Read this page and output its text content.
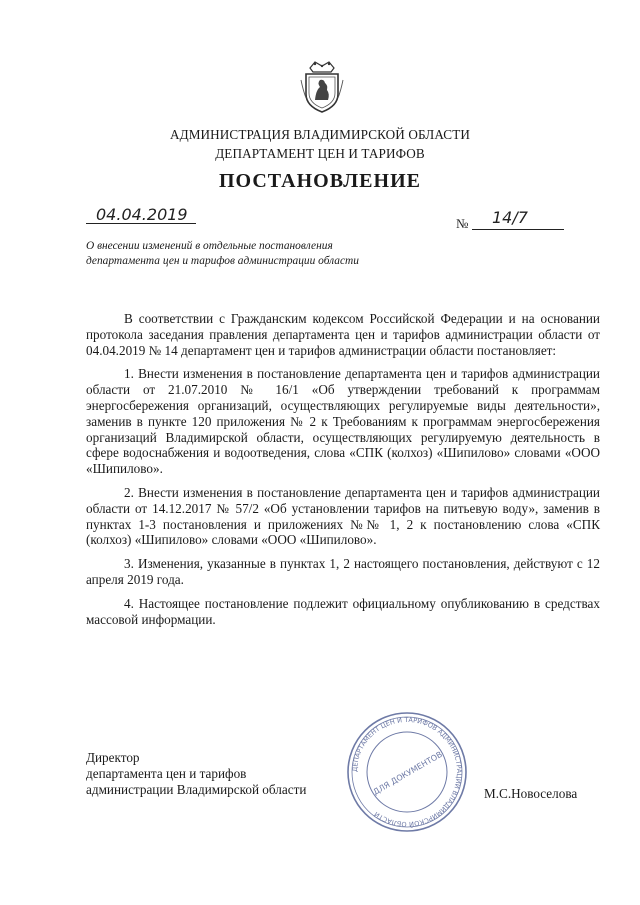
АДМИНИСТРАЦИЯ ВЛАДИМИРСКОЙ ОБЛАСТИ
ДЕПАРТАМЕНТ ЦЕН И ТАРИФОВ
ПОСТАНОВЛЕНИЕ
04.04.2019	№ 14/7
О внесении изменений в отдельные постановления департамента цен и тарифов администрации области

В соответствии с Гражданским кодексом Российской Федерации и на основании протокола заседания правления департамента цен и тарифов администрации области от 04.04.2019 № 14 департамент цен и тарифов администрации области постановляет:

1. Внести изменения в постановление департамента цен и тарифов администрации области от 21.07.2010 № 16/1 «Об утверждении требований к программам энергосбережения организаций, осуществляющих регулируемые виды деятельности», заменив в пункте 120 приложения № 2 к Требованиям к программам энергосбережения организаций Владимирской области, осуществляющих регулируемую деятельность в сфере водоснабжения и водоотведения, слова «СПК (колхоз) «Шипилово» словами «ООО «Шипилово».

2. Внести изменения в постановление департамента цен и тарифов администрации области от 14.12.2017 № 57/2 «Об установлении тарифов на питьевую воду», заменив в пунктах 1-3 постановления и приложениях №№ 1, 2 к постановлению слова «СПК (колхоз) «Шипилово» словами «ООО «Шипилово».

3. Изменения, указанные в пунктах 1, 2 настоящего постановления, действуют с 12 апреля 2019 года.

4. Настоящее постановление подлежит официальному опубликованию в средствах массовой информации.

Директор
департамента цен и тарифов
администрации Владимирской области	М.С.Новоселова
ДЕПАРТАМЕНТ ЦЕН И ТАРИФОВ АДМИНИСТРАЦИИ ВЛАДИМИРСКОЙ ОБЛАСТИ
ДЛЯ ДОКУМЕНТОВ
